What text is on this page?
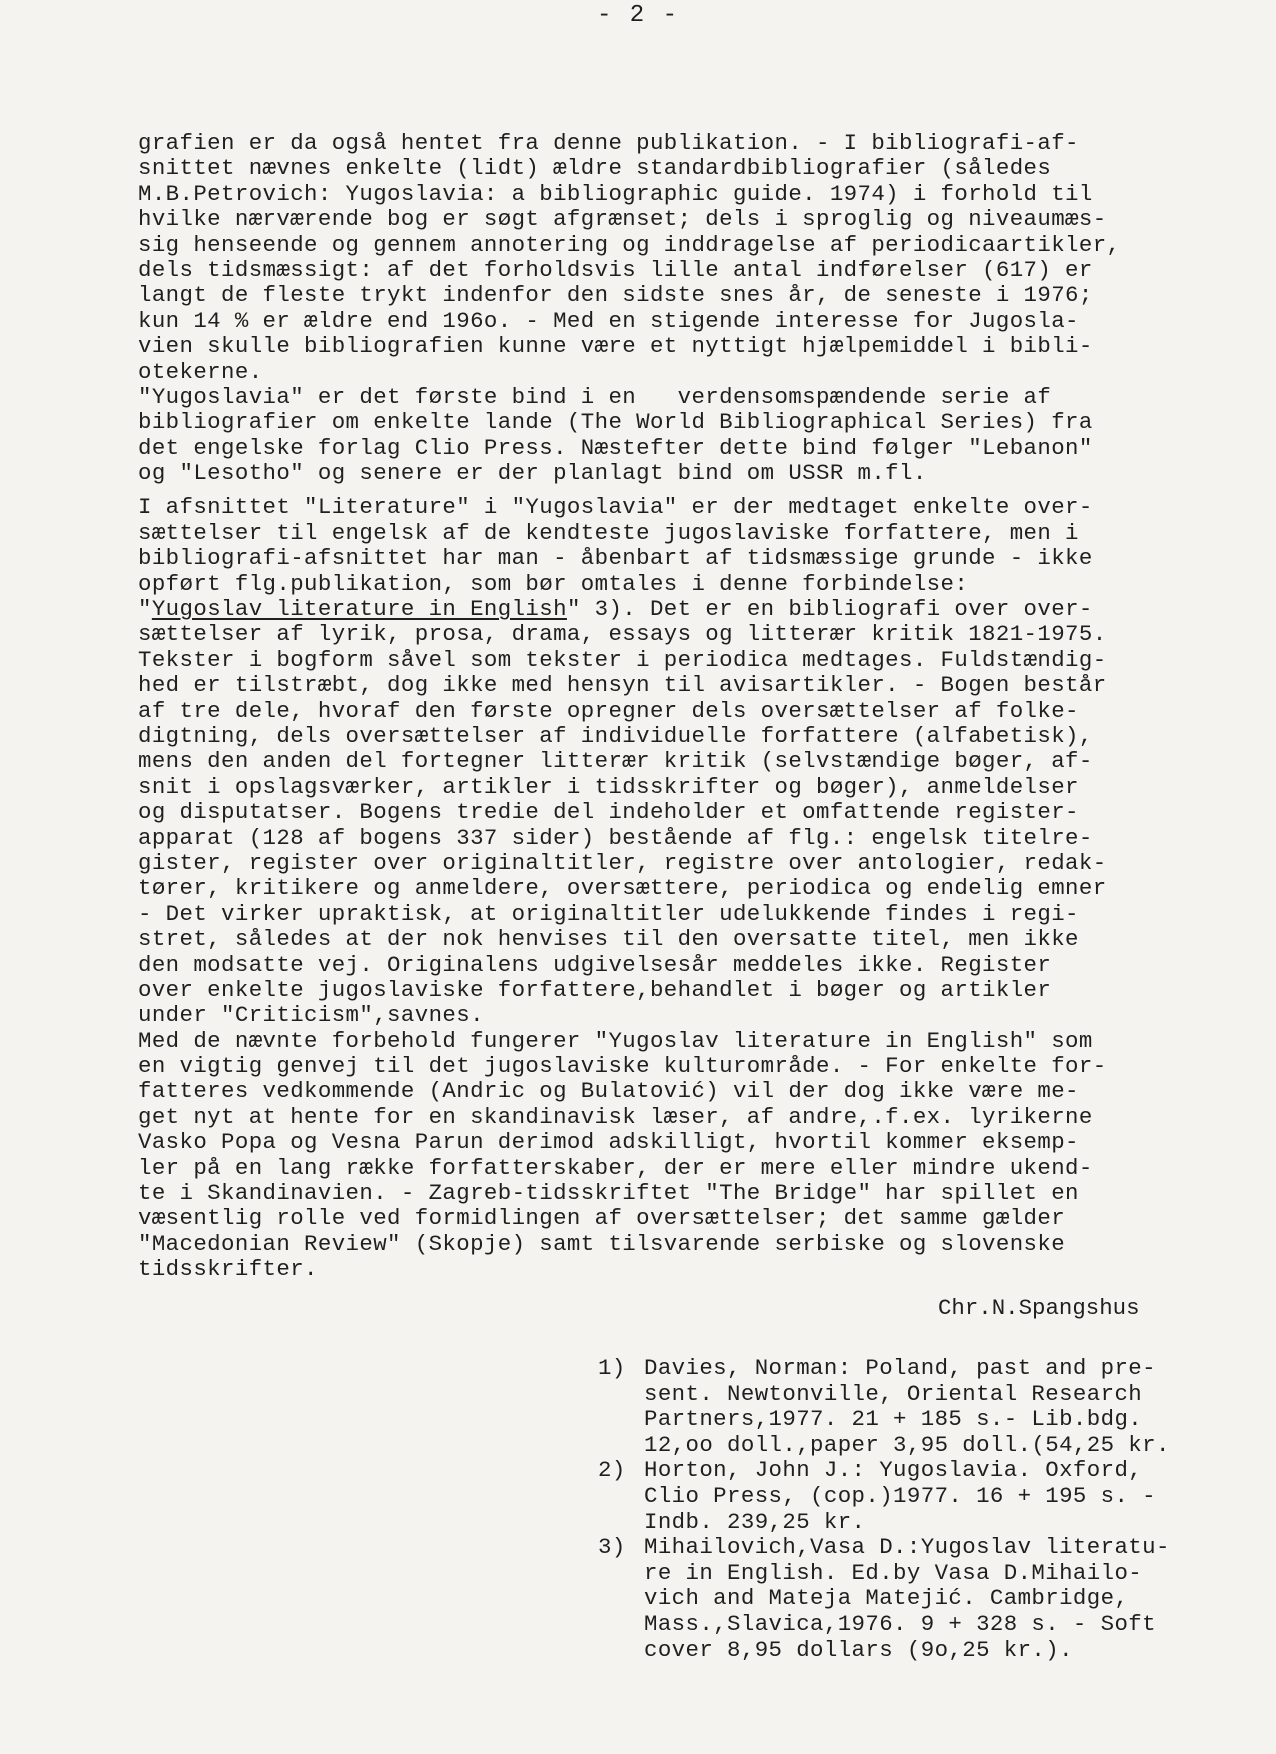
- 2 -
grafien er da også hentet fra denne publikation. - I bibliografi-af-
snittet nævnes enkelte (lidt) ældre standardbibliografier (således
M.B.Petrovich: Yugoslavia: a bibliographic guide. 1974) i forhold til
hvilke nærværende bog er søgt afgrænset; dels i sproglig og niveaumæs-
sig henseende og gennem annotering og inddragelse af periodicaartikler,
dels tidsmæssigt: af det forholdsvis lille antal indførelser (617) er
langt de fleste trykt indenfor den sidste snes år, de seneste i 1976;
kun 14 % er ældre end 196o. - Med en stigende interesse for Jugosla-
vien skulle bibliografien kunne være et nyttigt hjælpemiddel i bibli-
otekerne.
"Yugoslavia" er det første bind i en   verdensomspændende serie af
bibliografier om enkelte lande (The World Bibliographical Series) fra
det engelske forlag Clio Press. Næstefter dette bind følger "Lebanon"
og "Lesotho" og senere er der planlagt bind om USSR m.fl.
I afsnittet "Literature" i "Yugoslavia" er der medtaget enkelte over-
sættelser til engelsk af de kendteste jugoslaviske forfattere, men i
bibliografi-afsnittet har man - åbenbart af tidsmæssige grunde - ikke
opført flg.publikation, som bør omtales i denne forbindelse:
"Yugoslav literature in English" 3). Det er en bibliografi over over-
sættelser af lyrik, prosa, drama, essays og litterær kritik 1821-1975.
Tekster i bogform såvel som tekster i periodica medtages. Fuldstændig-
hed er tilstræbt, dog ikke med hensyn til avisartikler. - Bogen består
af tre dele, hvoraf den første opregner dels oversættelser af folke-
digtning, dels oversættelser af individuelle forfattere (alfabetisk),
mens den anden del fortegner litterær kritik (selvstændige bøger, af-
snit i opslagsværker, artikler i tidsskrifter og bøger), anmeldelser
og disputatser. Bogens tredie del indeholder et omfattende register-
apparat (128 af bogens 337 sider) bestående af flg.: engelsk titelre-
gister, register over originaltitler, registre over antologier, redak-
tører, kritikere og anmeldere, oversættere, periodica og endelig emner
- Det virker upraktisk, at originaltitler udelukkende findes i regi-
stret, således at der nok henvises til den oversatte titel, men ikke
den modsatte vej. Originalens udgivelsesår meddeles ikke. Register
over enkelte jugoslaviske forfattere,behandlet i bøger og artikler
under "Criticism",savnes.
Med de nævnte forbehold fungerer "Yugoslav literature in English" som
en vigtig genvej til det jugoslaviske kulturområde. - For enkelte for-
fatteres vedkommende (Andric og Bulatović) vil der dog ikke være me-
get nyt at hente for en skandinavisk læser, af andre,.f.ex. lyrikerne
Vasko Popa og Vesna Parun derimod adskilligt, hvortil kommer eksemp-
ler på en lang række forfatterskaber, der er mere eller mindre ukend-
te i Skandinavien. - Zagreb-tidsskriftet "The Bridge" har spillet en
væsentlig rolle ved formidlingen af oversættelser; det samme gælder
"Macedonian Review" (Skopje) samt tilsvarende serbiske og slovenske
tidsskrifter.
Chr.N.Spangshus
1) Davies, Norman: Poland, past and pre-
sent. Newtonville, Oriental Research
Partners,1977. 21 + 185 s.- Lib.bdg.
12,oo doll.,paper 3,95 doll.(54,25 kr.
2) Horton, John J.: Yugoslavia. Oxford,
Clio Press, (cop.)1977. 16 + 195 s. -
Indb. 239,25 kr.
3) Mihailovich,Vasa D.:Yugoslav literatu-
re in English. Ed.by Vasa D.Mihailo-
vich and Mateja Matejić. Cambridge,
Mass.,Slavica,1976. 9 + 328 s. - Soft
cover 8,95 dollars (9o,25 kr.).
